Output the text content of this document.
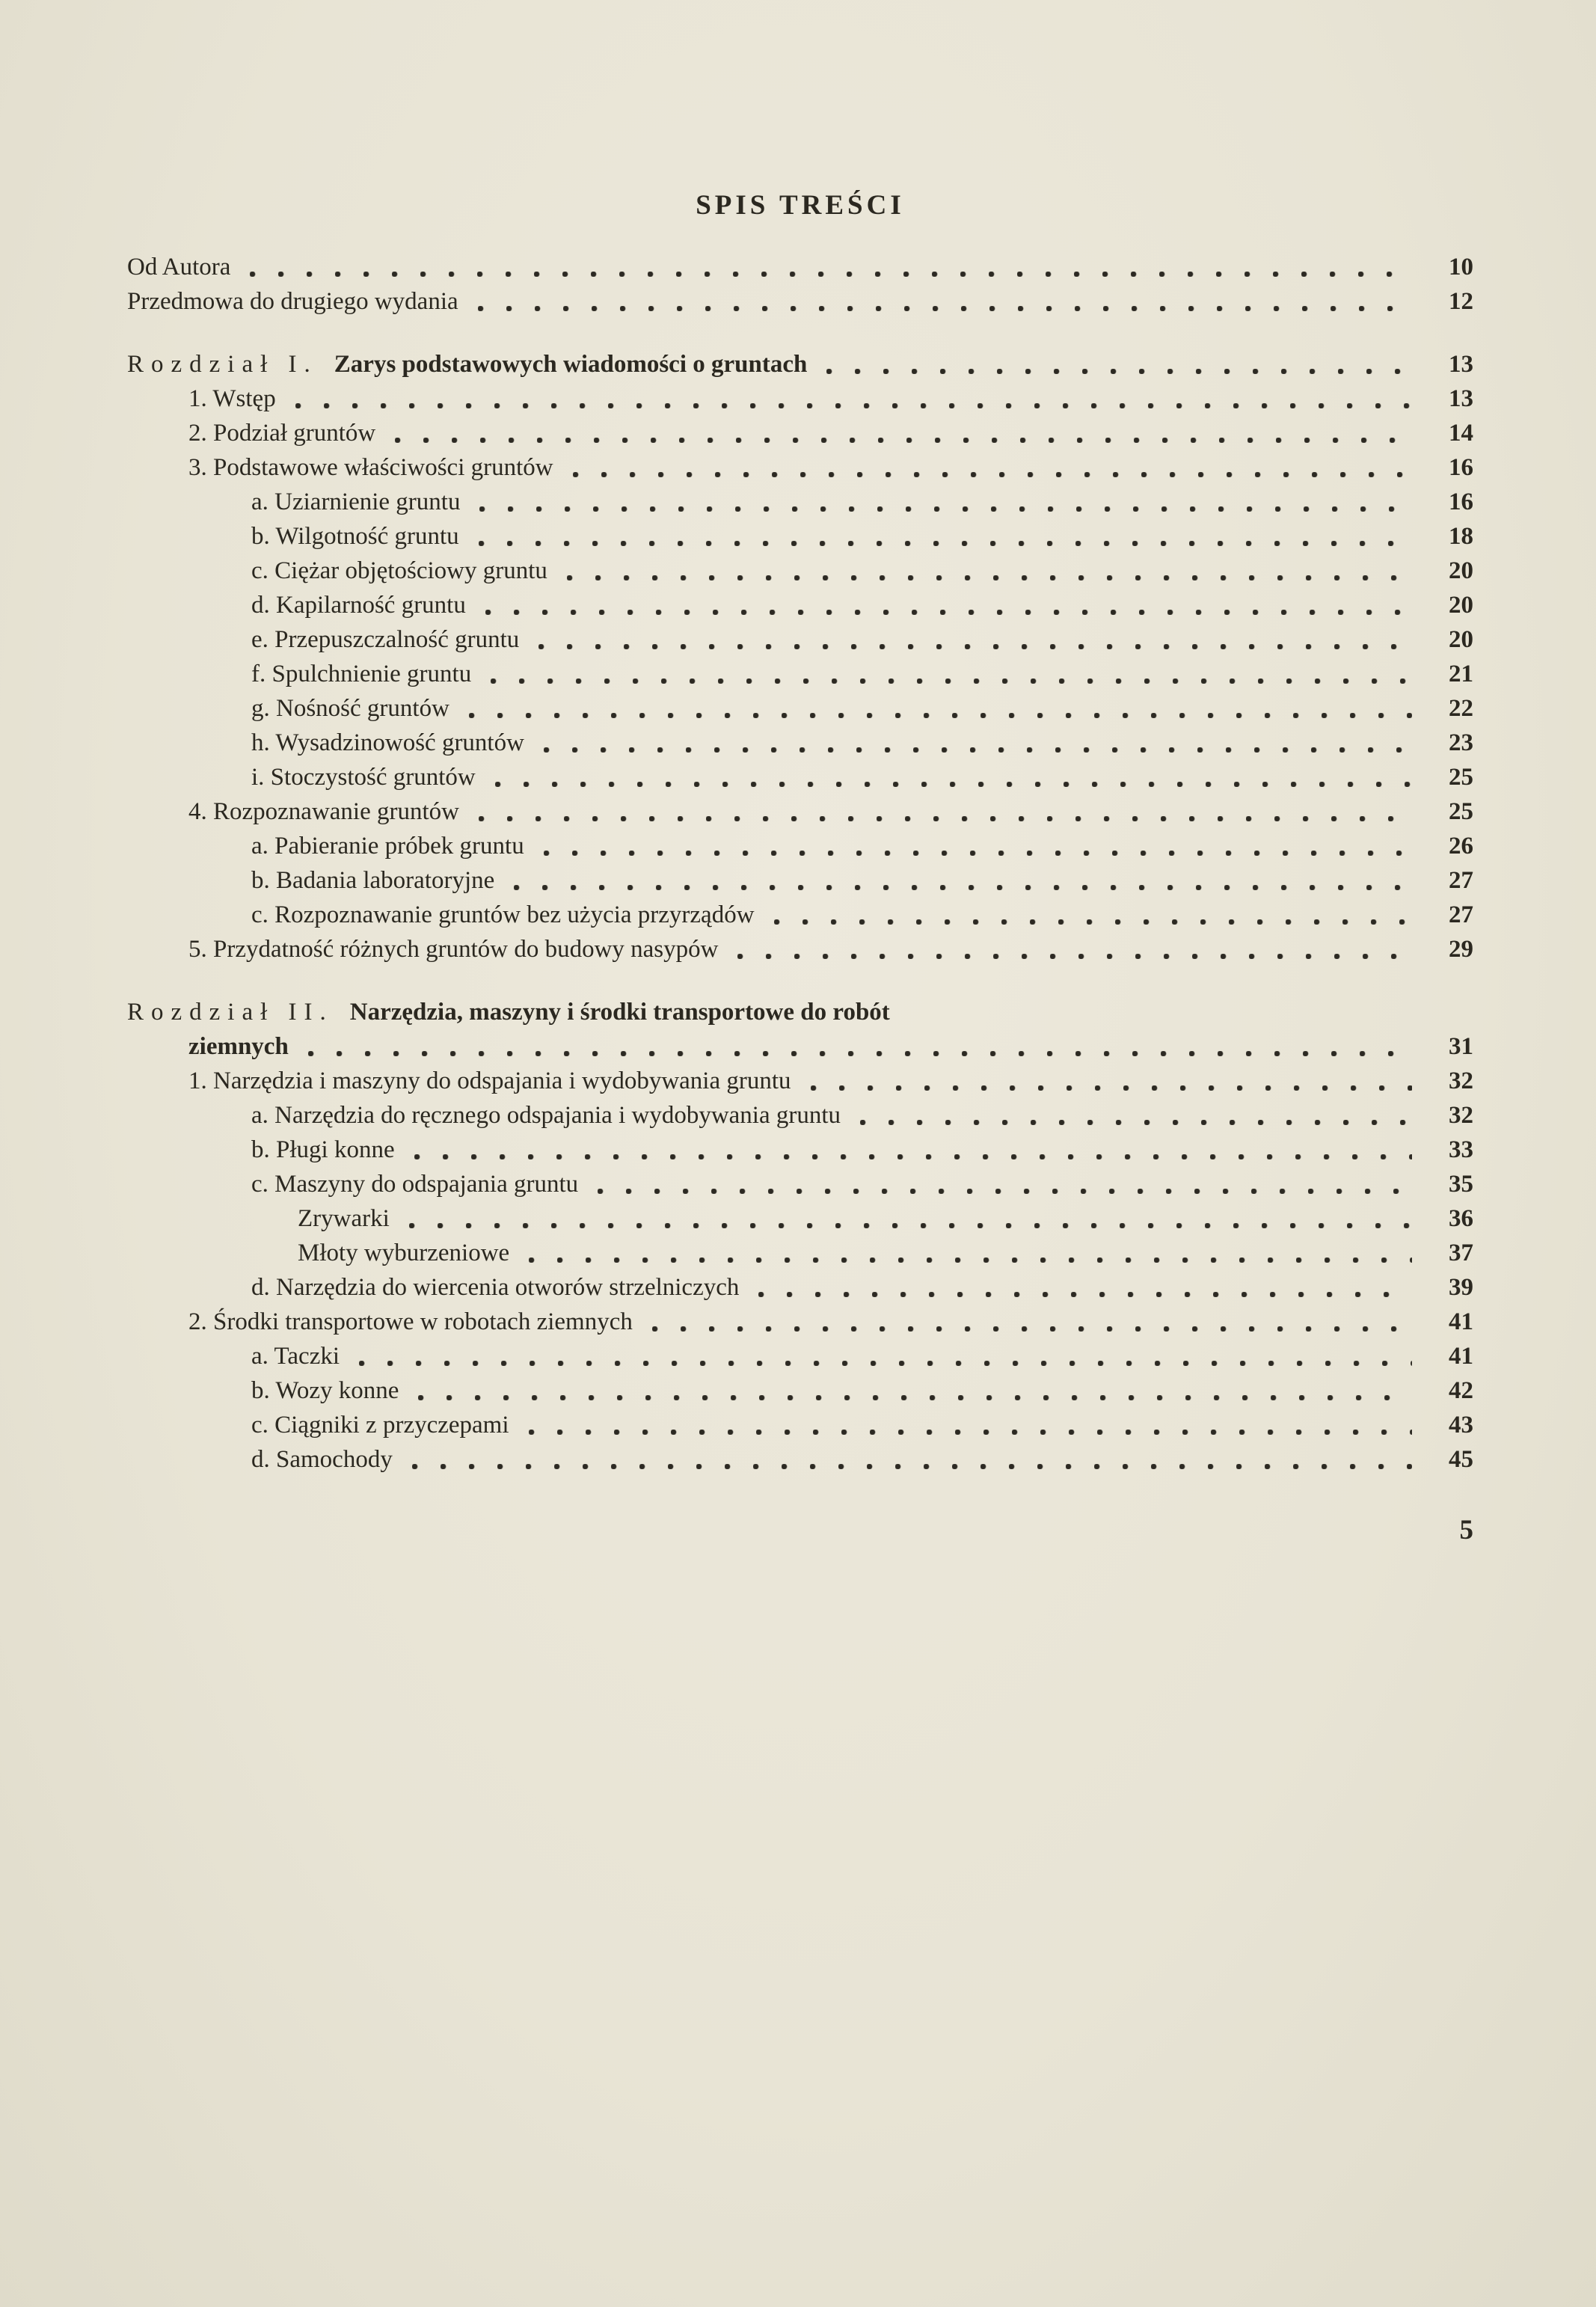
SPIS TREŚCI
Od Autora	10
Przedmowa do drugiego wydania	12
Rozdział I. Zarys podstawowych wiadomości o gruntach	13
1. Wstęp	13
2. Podział gruntów	14
3. Podstawowe właściwości gruntów	16
a. Uziarnienie gruntu	16
b. Wilgotność gruntu	18
c. Ciężar objętościowy gruntu	20
d. Kapilarność gruntu	20
e. Przepuszczalność gruntu	20
f. Spulchnienie gruntu	21
g. Nośność gruntów	22
h. Wysadzinowość gruntów	23
i. Stoczystość gruntów	25
4. Rozpoznawanie gruntów	25
a. Pabieranie próbek gruntu	26
b. Badania laboratoryjne	27
c. Rozpoznawanie gruntów bez użycia przyrządów	27
5. Przydatność różnych gruntów do budowy nasypów	29
Rozdział II. Narzędzia, maszyny i środki transportowe do robót
ziemnych	31
1. Narzędzia i maszyny do odspajania i wydobywania gruntu	32
a. Narzędzia do ręcznego odspajania i wydobywania gruntu	32
b. Pługi konne	33
c. Maszyny do odspajania gruntu	35
Zrywarki	36
Młoty wyburzeniowe	37
d. Narzędzia do wiercenia otworów strzelniczych	39
2. Środki transportowe w robotach ziemnych	41
a. Taczki	41
b. Wozy konne	42
c. Ciągniki z przyczepami	43
d. Samochody	45
5
